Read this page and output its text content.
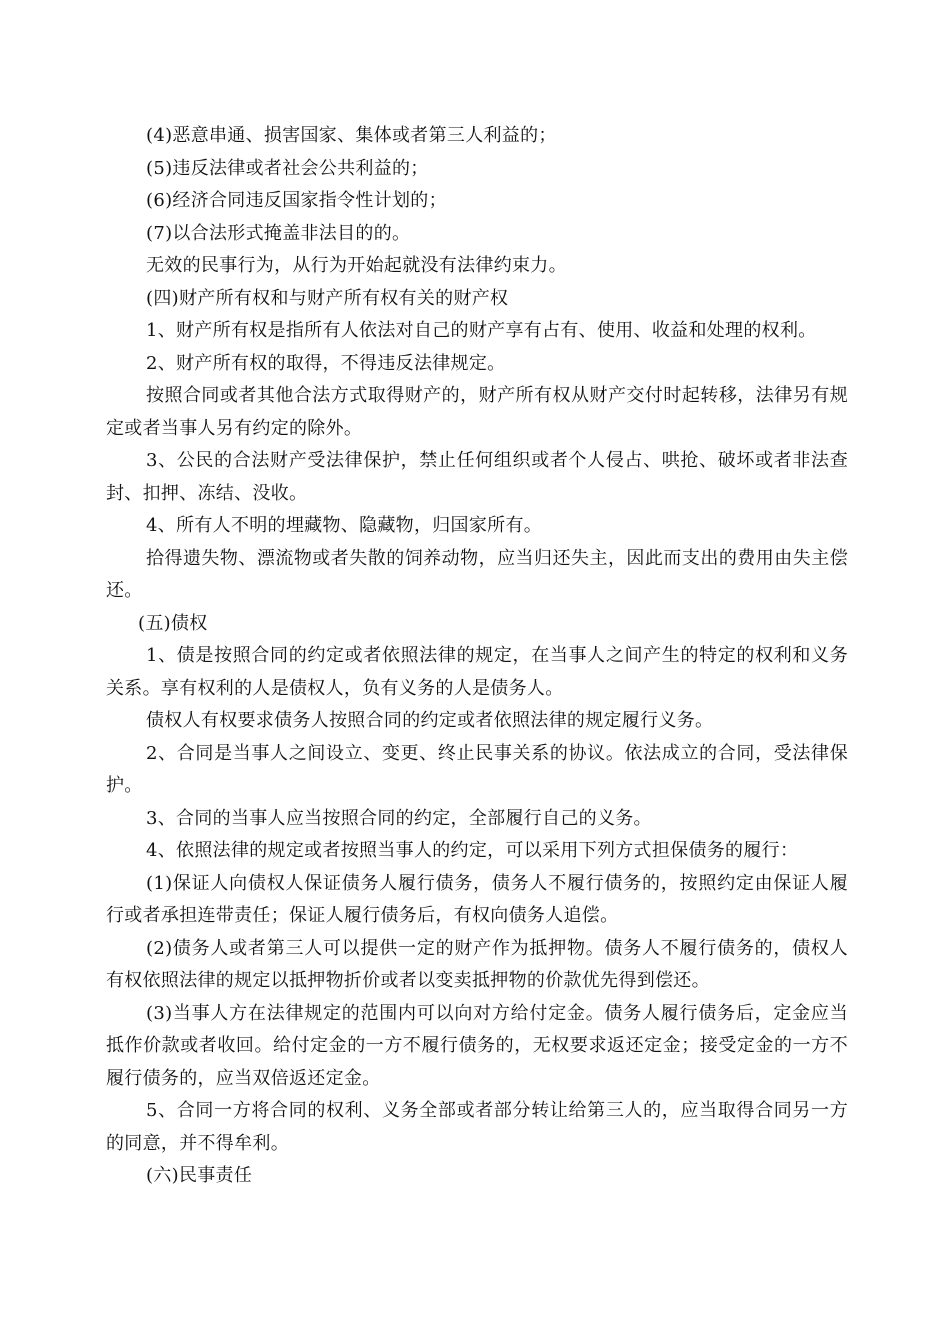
(4)恶意串通、损害国家、集体或者第三人利益的；

(5)违反法律或者社会公共利益的；

(6)经济合同违反国家指令性计划的；

(7)以合法形式掩盖非法目的的。

无效的民事行为，从行为开始起就没有法律约束力。

(四)财产所有权和与财产所有权有关的财产权

1、财产所有权是指所有人依法对自己的财产享有占有、使用、收益和处理的权利。

2、财产所有权的取得，不得违反法律规定。

按照合同或者其他合法方式取得财产的，财产所有权从财产交付时起转移，法律另有规定或者当事人另有约定的除外。

3、公民的合法财产受法律保护，禁止任何组织或者个人侵占、哄抢、破坏或者非法查封、扣押、冻结、没收。

4、所有人不明的埋藏物、隐藏物，归国家所有。

拾得遗失物、漂流物或者失散的饲养动物，应当归还失主，因此而支出的费用由失主偿还。

(五)债权

1、债是按照合同的约定或者依照法律的规定，在当事人之间产生的特定的权利和义务关系。享有权利的人是债权人，负有义务的人是债务人。

债权人有权要求债务人按照合同的约定或者依照法律的规定履行义务。

2、合同是当事人之间设立、变更、终止民事关系的协议。依法成立的合同，受法律保护。

3、合同的当事人应当按照合同的约定，全部履行自己的义务。

4、依照法律的规定或者按照当事人的约定，可以采用下列方式担保债务的履行：

(1)保证人向债权人保证债务人履行债务，债务人不履行债务的，按照约定由保证人履行或者承担连带责任；保证人履行债务后，有权向债务人追偿。

(2)债务人或者第三人可以提供一定的财产作为抵押物。债务人不履行债务的，债权人有权依照法律的规定以抵押物折价或者以变卖抵押物的价款优先得到偿还。

(3)当事人方在法律规定的范围内可以向对方给付定金。债务人履行债务后，定金应当抵作价款或者收回。给付定金的一方不履行债务的，无权要求返还定金；接受定金的一方不履行债务的，应当双倍返还定金。

5、合同一方将合同的权利、义务全部或者部分转让给第三人的，应当取得合同另一方的同意，并不得牟利。

(六)民事责任
